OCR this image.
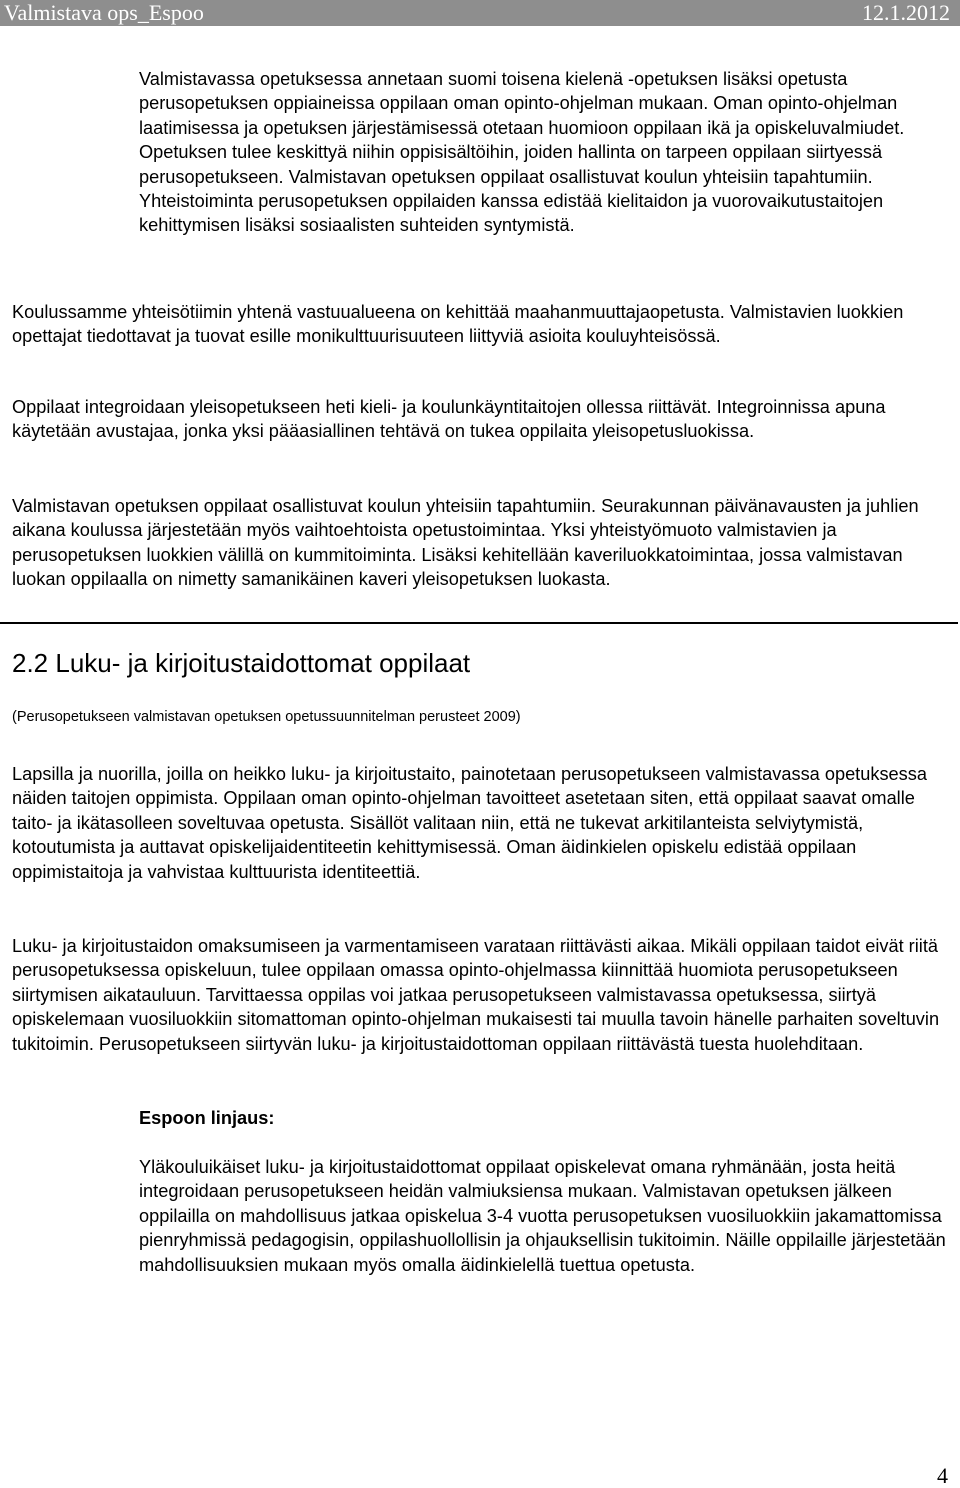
Valmistava ops_Espoo	12.1.2012

Valmistavassa opetuksessa annetaan suomi toisena kielenä -opetuksen lisäksi opetusta perusopetuksen oppiaineissa oppilaan oman opinto-ohjelman mukaan. Oman opinto-ohjelman laatimisessa ja opetuksen järjestämisessä otetaan huomioon oppilaan ikä ja opiskeluvalmiudet. Opetuksen tulee keskittyä niihin oppisisältöihin, joiden hallinta on tarpeen oppilaan siirtyessä perusopetukseen. Valmistavan opetuksen oppilaat osallistuvat koulun yhteisiin tapahtumiin. Yhteistoiminta perusopetuksen oppilaiden kanssa edistää kielitaidon ja vuorovaikutustaitojen kehittymisen lisäksi sosiaalisten suhteiden syntymistä.

Koulussamme yhteisötiimin yhtenä vastuualueena on kehittää maahanmuuttajaopetusta. Valmistavien luokkien opettajat tiedottavat ja tuovat esille monikulttuurisuuteen liittyviä asioita kouluyhteisössä.

Oppilaat integroidaan yleisopetukseen heti kieli- ja koulunkäyntitaitojen ollessa riittävät. Integroinnissa apuna käytetään avustajaa, jonka yksi pääasiallinen tehtävä on tukea oppilaita yleisopetusluokissa.

Valmistavan opetuksen oppilaat osallistuvat koulun yhteisiin tapahtumiin. Seurakunnan päivänavausten ja juhlien aikana koulussa järjestetään myös vaihtoehtoista opetustoimintaa. Yksi yhteistyömuoto valmistavien ja perusopetuksen luokkien välillä on kummitoiminta. Lisäksi kehitellään kaveriluokkatoimintaa, jossa valmistavan luokan oppilaalla on nimetty samanikäinen kaveri yleisopetuksen luokasta.

2.2 Luku- ja kirjoitustaidottomat oppilaat

(Perusopetukseen valmistavan opetuksen opetussuunnitelman perusteet 2009)

Lapsilla ja nuorilla, joilla on heikko luku- ja kirjoitustaito, painotetaan perusopetukseen valmistavassa opetuksessa näiden taitojen oppimista. Oppilaan oman opinto-ohjelman tavoitteet asetetaan siten, että oppilaat saavat omalle taito- ja ikätasolleen soveltuvaa opetusta. Sisällöt valitaan niin, että ne tukevat arkitilanteista selviytymistä, kotoutumista ja auttavat opiskelijaidentiteetin kehittymisessä. Oman äidinkielen opiskelu edistää oppilaan oppimistaitoja ja vahvistaa kulttuurista identiteettiä.

Luku- ja kirjoitustaidon omaksumiseen ja varmentamiseen varataan riittävästi aikaa. Mikäli oppilaan taidot eivät riitä perusopetuksessa opiskeluun, tulee oppilaan omassa opinto-ohjelmassa kiinnittää huomiota perusopetukseen siirtymisen aikatauluun. Tarvittaessa oppilas voi jatkaa perusopetukseen valmistavassa opetuksessa, siirtyä opiskelemaan vuosiluokkiin sitomattoman opinto-ohjelman mukaisesti tai muulla tavoin hänelle parhaiten soveltuvin tukitoimin. Perusopetukseen siirtyvän luku- ja kirjoitustaidottoman oppilaan riittävästä tuesta huolehditaan.

Espoon linjaus:

Yläkouluikäiset luku- ja kirjoitustaidottomat oppilaat opiskelevat omana ryhmänään, josta heitä integroidaan perusopetukseen heidän valmiuksiensa mukaan. Valmistavan opetuksen jälkeen oppilailla on mahdollisuus jatkaa opiskelua 3-4 vuotta perusopetuksen vuosiluokkiin jakamattomissa pienryhmissä pedagogisin, oppilashuollollisin ja ohjauksellisin tukitoimin. Näille oppilaille järjestetään mahdollisuuksien mukaan myös omalla äidinkielellä tuettua opetusta.

4
